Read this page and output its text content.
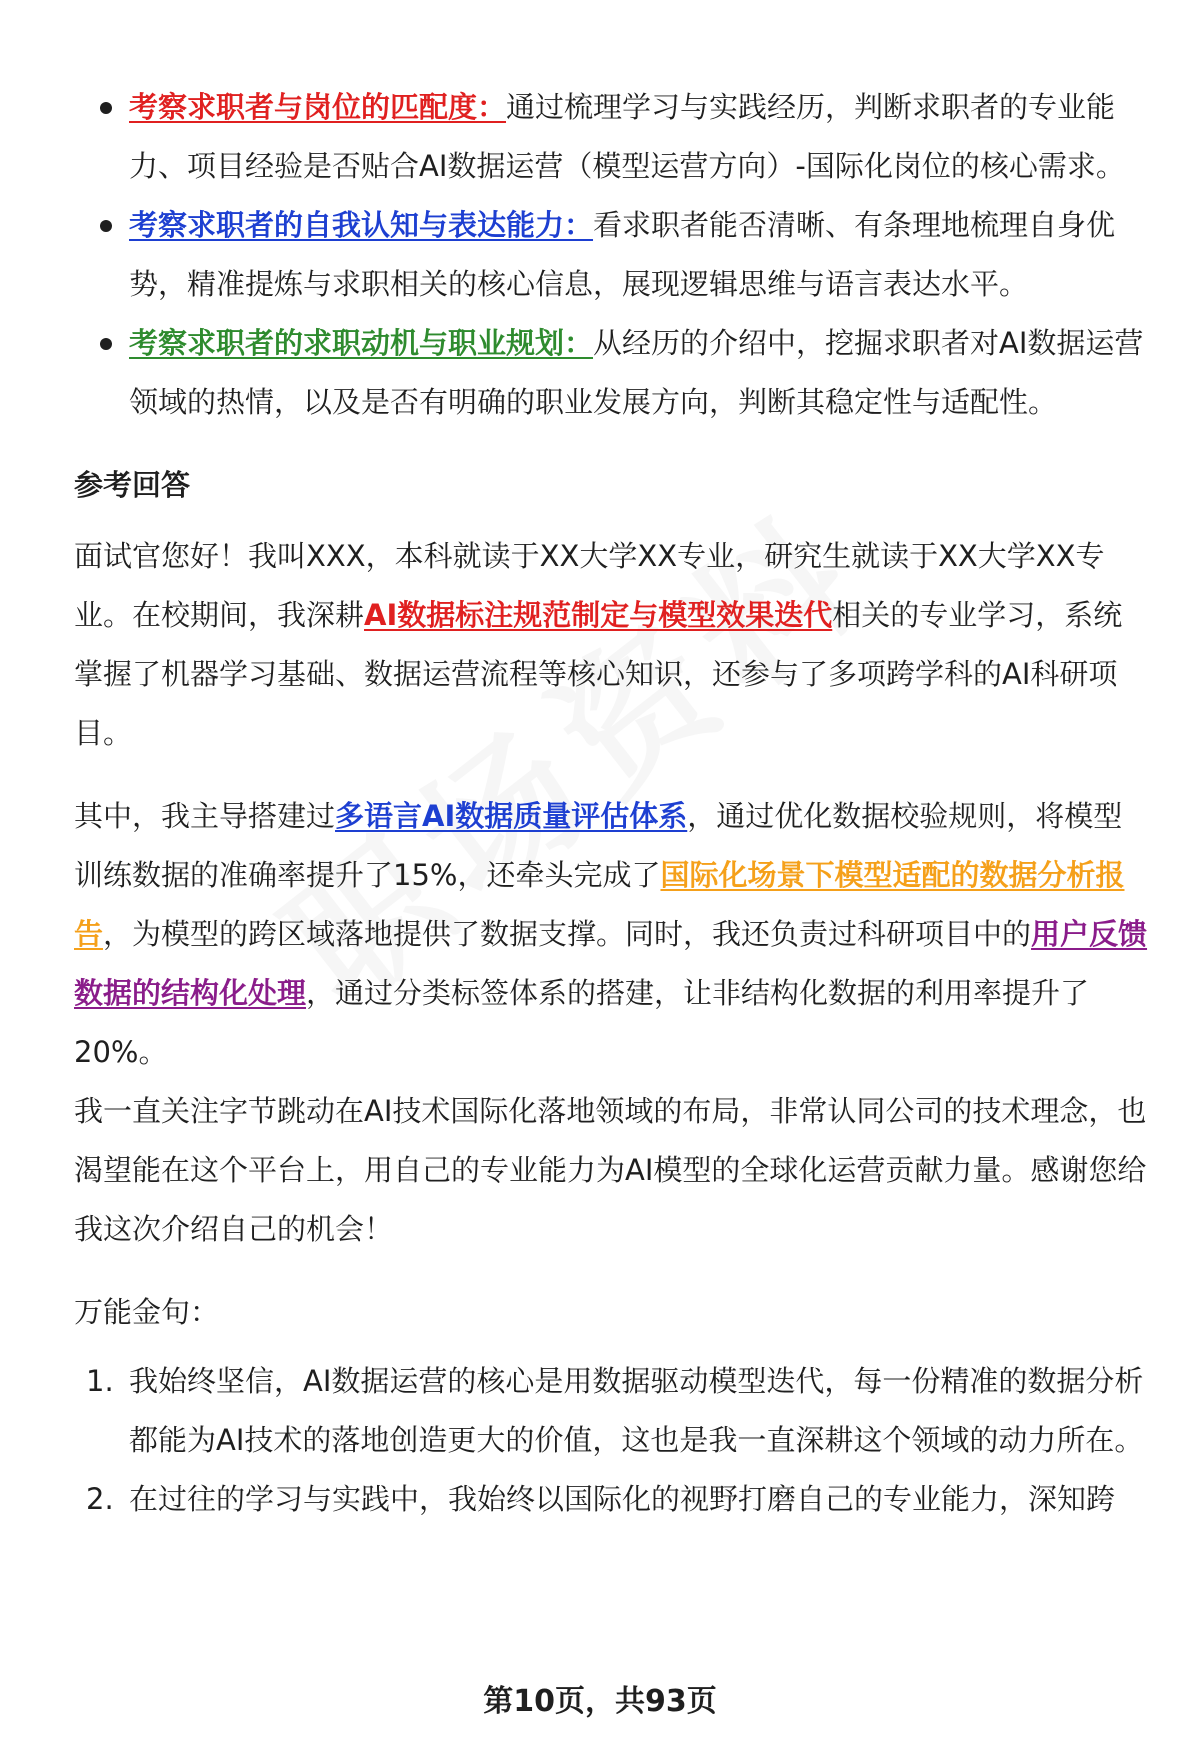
考察求职者与岗位的匹配度：通过梳理学习与实践经历，判断求职者的专业能力、项目经验是否贴合AI数据运营（模型运营方向）-国际化岗位的核心需求。
考察求职者的自我认知与表达能力：看求职者能否清晰、有条理地梳理自身优势，精准提炼与求职相关的核心信息，展现逻辑思维与语言表达水平。
考察求职者的求职动机与职业规划：从经历的介绍中，挖掘求职者对AI数据运营领域的热情，以及是否有明确的职业发展方向，判断其稳定性与适配性。

参考回答

面试官您好！我叫XXX，本科就读于XX大学XX专业，研究生就读于XX大学XX专业。在校期间，我深耕AI数据标注规范制定与模型效果迭代相关的专业学习，系统掌握了机器学习基础、数据运营流程等核心知识，还参与了多项跨学科的AI科研项目。

其中，我主导搭建过多语言AI数据质量评估体系，通过优化数据校验规则，将模型训练数据的准确率提升了15%，还牵头完成了国际化场景下模型适配的数据分析报告，为模型的跨区域落地提供了数据支撑。同时，我还负责过科研项目中的用户反馈数据的结构化处理，通过分类标签体系的搭建，让非结构化数据的利用率提升了20%。

我一直关注字节跳动在AI技术国际化落地领域的布局，非常认同公司的技术理念，也渴望能在这个平台上，用自己的专业能力为AI模型的全球化运营贡献力量。感谢您给我这次介绍自己的机会！

万能金句：

1. 我始终坚信，AI数据运营的核心是用数据驱动模型迭代，每一份精准的数据分析都能为AI技术的落地创造更大的价值，这也是我一直深耕这个领域的动力所在。
2. 在过往的学习与实践中，我始终以国际化的视野打磨自己的专业能力，深知跨
第10页，共93页
